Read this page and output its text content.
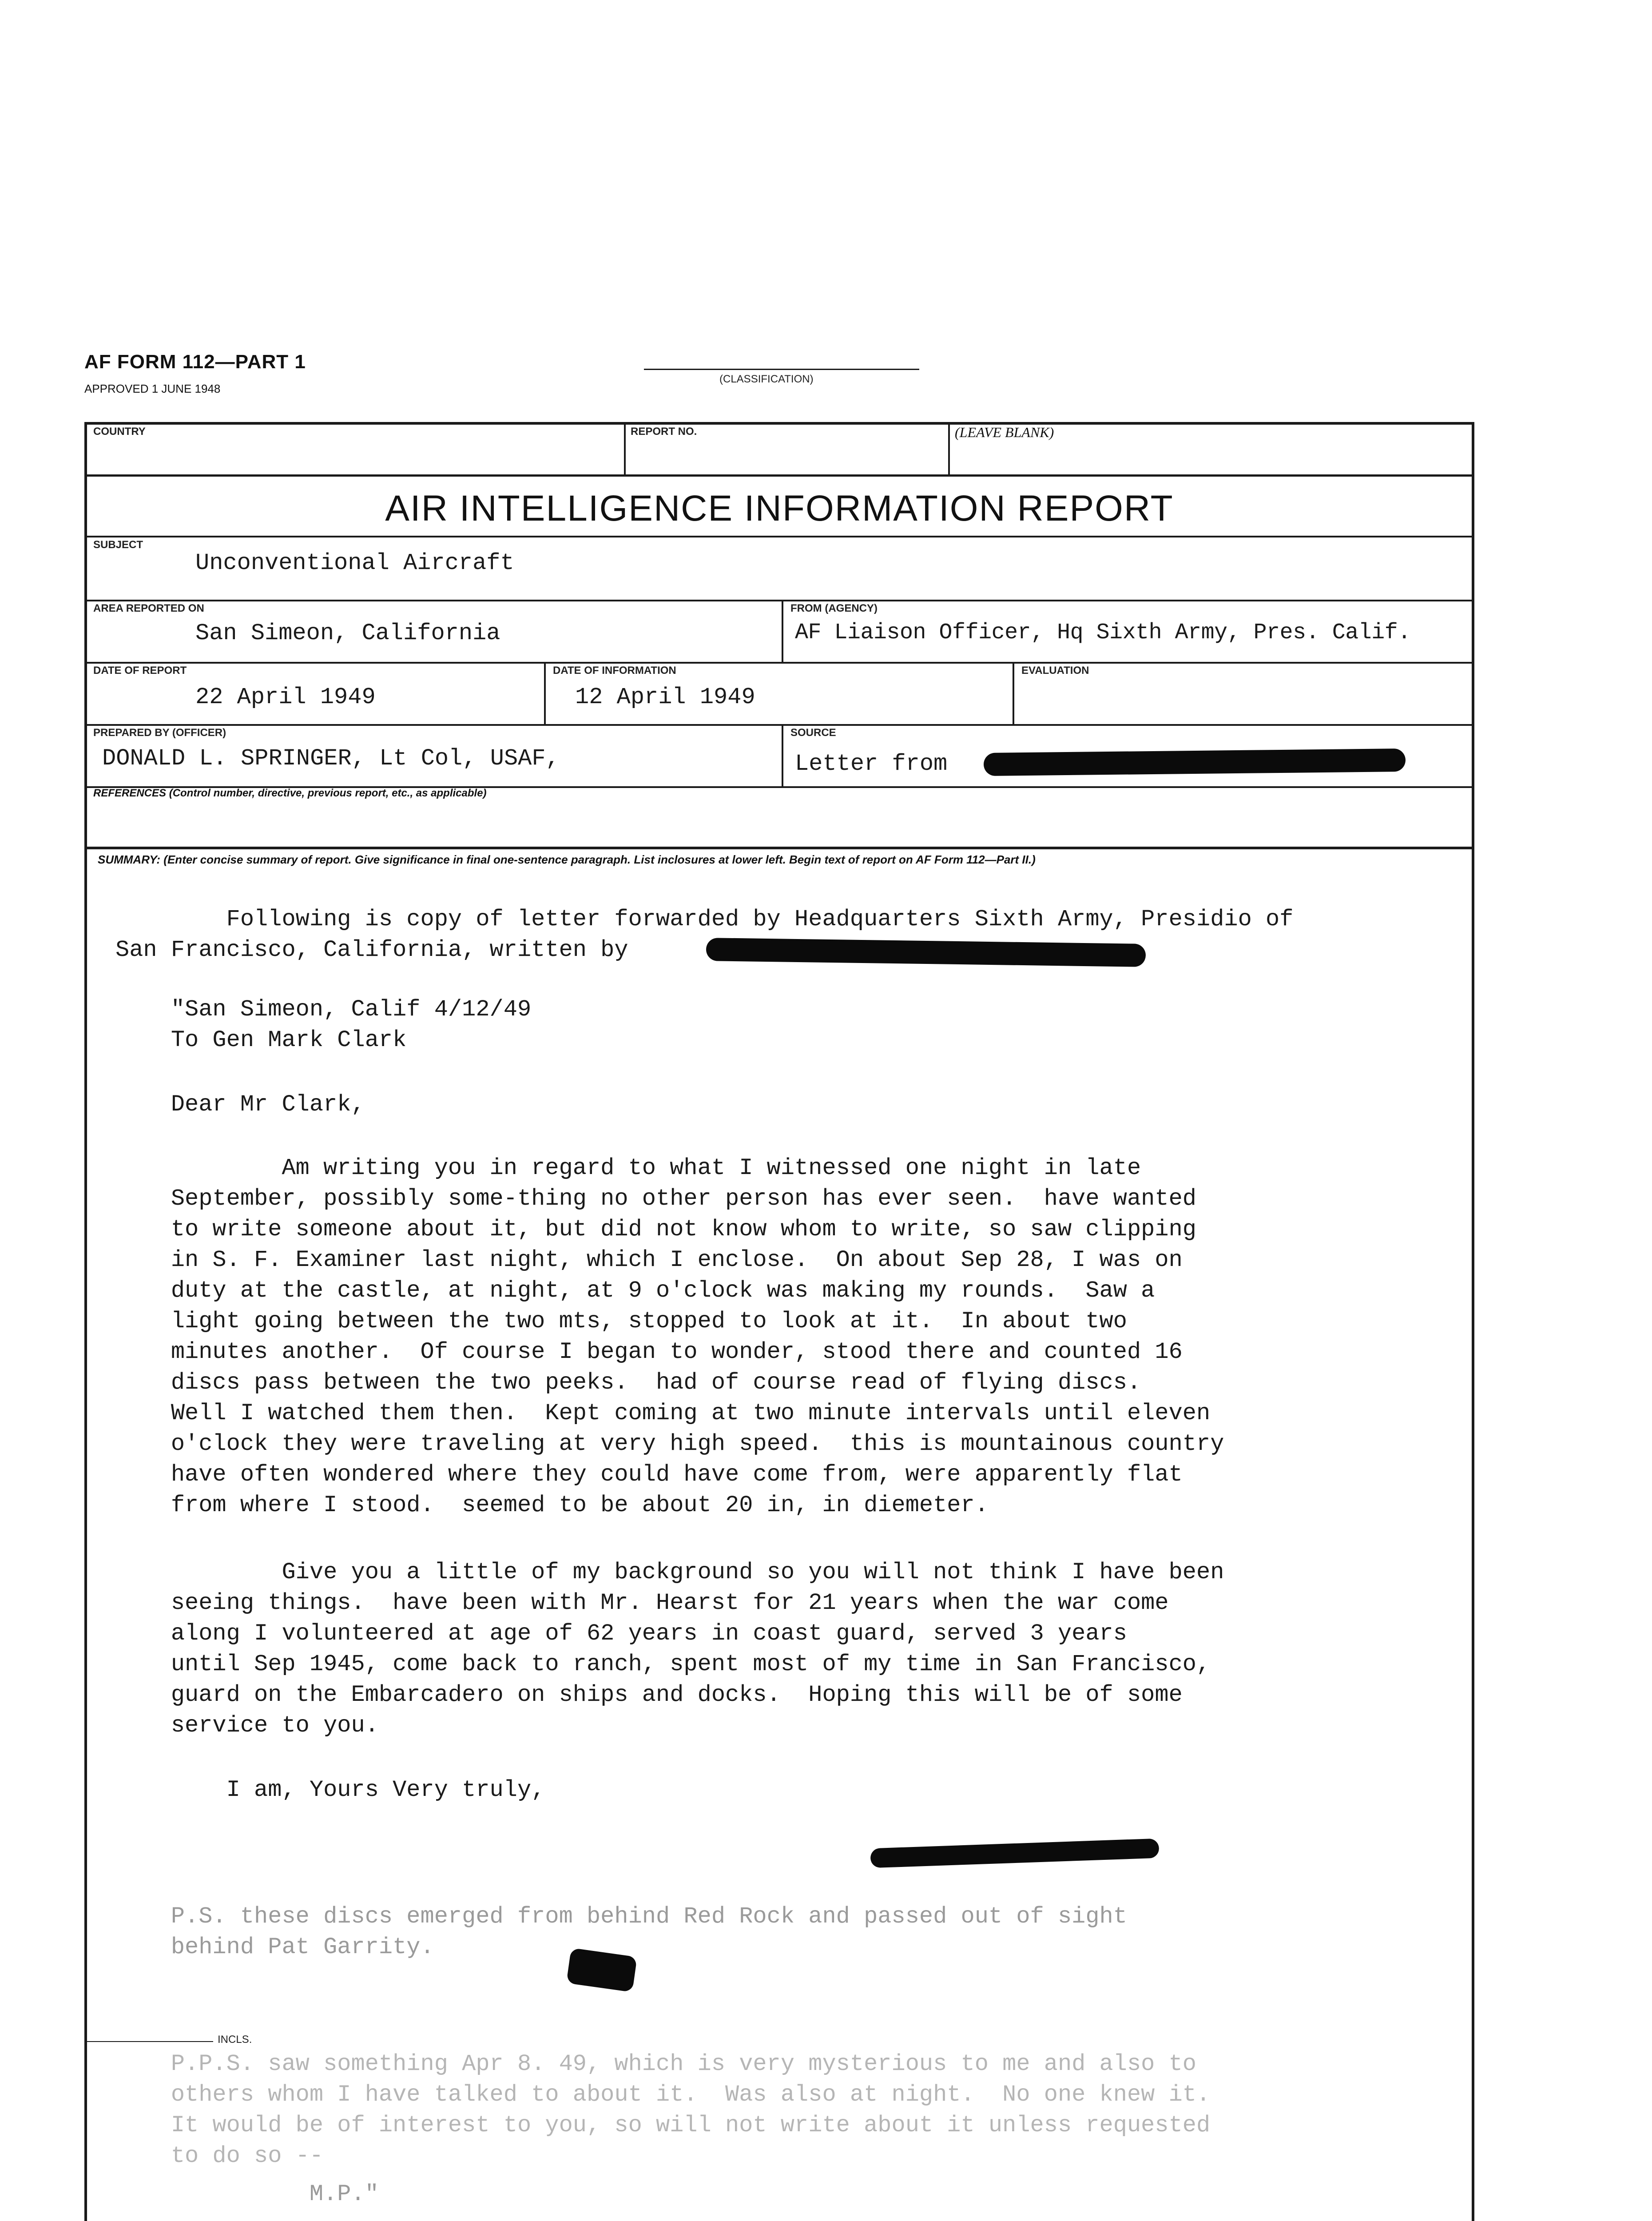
AF FORM 112—PART 1
APPROVED 1 JUNE 1948
(CLASSIFICATION)
COUNTRY	REPORT NO.	(LEAVE BLANK)
AIR INTELLIGENCE INFORMATION REPORT
SUBJECT
Unconventional Aircraft
AREA REPORTED ON
San Simeon, California
FROM (AGENCY)
AF Liaison Officer, Hq Sixth Army, Pres. Calif.
DATE OF REPORT
22 April 1949
DATE OF INFORMATION
12 April 1949
EVALUATION
PREPARED BY (OFFICER)
DONALD L. SPRINGER, Lt Col, USAF,
SOURCE
Letter from
REFERENCES (Control number, directive, previous report, etc., as applicable)
SUMMARY: (Enter concise summary of report. Give significance in final one-sentence paragraph. List inclosures at lower left. Begin text of report on AF Form 112—Part II.)
Following is copy of letter forwarded by Headquarters Sixth Army, Presidio of
San Francisco, California, written by
"San Simeon, Calif 4/12/49
To Gen Mark Clark
Dear Mr Clark,
Am writing you in regard to what I witnessed one night in late
September, possibly some-thing no other person has ever seen.  have wanted
to write someone about it, but did not know whom to write, so saw clipping
in S. F. Examiner last night, which I enclose.  On about Sep 28, I was on
duty at the castle, at night, at 9 o'clock was making my rounds.  Saw a
light going between the two mts, stopped to look at it.  In about two
minutes another.  Of course I began to wonder, stood there and counted 16
discs pass between the two peeks.  had of course read of flying discs.
Well I watched them then.  Kept coming at two minute intervals until eleven
o'clock they were traveling at very high speed.  this is mountainous country
have often wondered where they could have come from, were apparently flat
from where I stood.  seemed to be about 20 in, in diemeter.
Give you a little of my background so you will not think I have been
seeing things.  have been with Mr. Hearst for 21 years when the war come
along I volunteered at age of 62 years in coast guard, served 3 years
until Sep 1945, come back to ranch, spent most of my time in San Francisco,
guard on the Embarcadero on ships and docks.  Hoping this will be of some
service to you.
I am, Yours Very truly,
P.S. these discs emerged from behind Red Rock and passed out of sight
behind Pat Garrity.
INCLS.
P.P.S. saw something Apr 8. 49, which is very mysterious to me and also to
others whom I have talked to about it.  Was also at night.  No one knew it.
It would be of interest to you, so will not write about it unless requested
to do so --
M.P."
